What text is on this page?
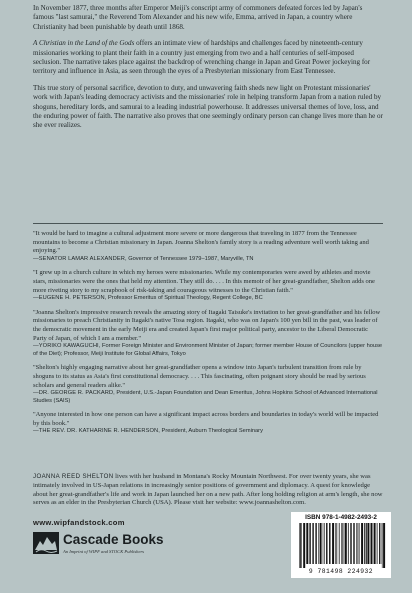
In November 1877, three months after Emperor Meiji's conscript army of commoners defeated forces led by Japan's famous "last samurai," the Reverend Tom Alexander and his new wife, Emma, arrived in Japan, a country where Christianity had been punishable by death until 1868.

A Christian in the Land of the Gods offers an intimate view of hardships and challenges faced by nineteenth-century missionaries working to plant their faith in a country just emerging from two and a half centuries of self-imposed seclusion. The narrative takes place against the backdrop of wrenching change in Japan and Great Power jockeying for territory and influence in Asia, as seen through the eyes of a Presbyterian missionary from East Tennessee.

This true story of personal sacrifice, devotion to duty, and unwavering faith sheds new light on Protestant missionaries' work with Japan's leading democracy activists and the missionaries' role in helping transform Japan from a nation ruled by shoguns, hereditary lords, and samurai to a leading industrial powerhouse. It addresses universal themes of love, loss, and the enduring power of faith. The narrative also proves that one seemingly ordinary person can change lives more than he or she ever realizes.

"It would be hard to imagine a cultural adjustment more severe or more dangerous that traveling in 1877 from the Tennessee mountains to become a Christian missionary in Japan. Joanna Shelton's family story is a reading adventure well worth taking and enjoying."
—SENATOR LAMAR ALEXANDER, Governor of Tennessee 1979–1987, Maryville, TN
"I grew up in a church culture in which my heroes were missionaries. While my contemporaries were awed by athletes and movie stars, missionaries were the ones that held my attention. They still do. . . . In this memoir of her great-grandfather, Shelton adds one more riveting story to my scrapbook of risk-taking and courageous witnesses to the Christian faith."
—EUGENE H. PETERSON, Professor Emeritus of Spiritual Theology, Regent College, BC
"Joanna Shelton's impressive research reveals the amazing story of Itagaki Taisuke's invitation to her great-grandfather and his fellow missionaries to preach Christianity in Itagaki's native Tosa region. Itagaki, who was on Japan's 100 yen bill in the past, was leader of the democratic movement in the early Meiji era and created Japan's first major political party, ancestor to the Liberal Democratic Party of Japan, of which I am a member."
—YORIKO KAWAGUCHI, Former Foreign Minister and Environment Minister of Japan; former member House of Councilors (upper house of the Diet); Professor, Meiji Institute for Global Affairs, Tokyo
"Shelton's highly engaging narrative about her great-grandfather opens a window into Japan's turbulent transition from rule by shoguns to its status as Asia's first constitutional democracy. . . . This fascinating, often poignant story should be read by serious scholars and general readers alike."
—DR. GEORGE R. PACKARD, President, U.S.-Japan Foundation and Dean Emeritus, Johns Hopkins School of Advanced International Studies (SAIS)
"Anyone interested in how one person can have a significant impact across borders and boundaries in today's world will be impacted by this book."
—THE REV. DR. KATHARINE R. HENDERSON, President, Auburn Theological Seminary
JOANNA REED SHELTON lives with her husband in Montana's Rocky Mountain Northwest. For over twenty years, she was intimately involved in US-Japan relations in increasingly senior positions of government and diplomacy. A quest for knowledge about her great-grandfather's life and work in Japan launched her on a new path. After long holding religion at arm's length, she now serves as an elder in the Presbyterian Church (USA). Please visit her website: www.joannashelton.com.
www.wipfandstock.com
Cascade Books
An Imprint of WIPF and STOCK Publishers
ISBN 978-1-4982-2493-2
9 781498 224932
